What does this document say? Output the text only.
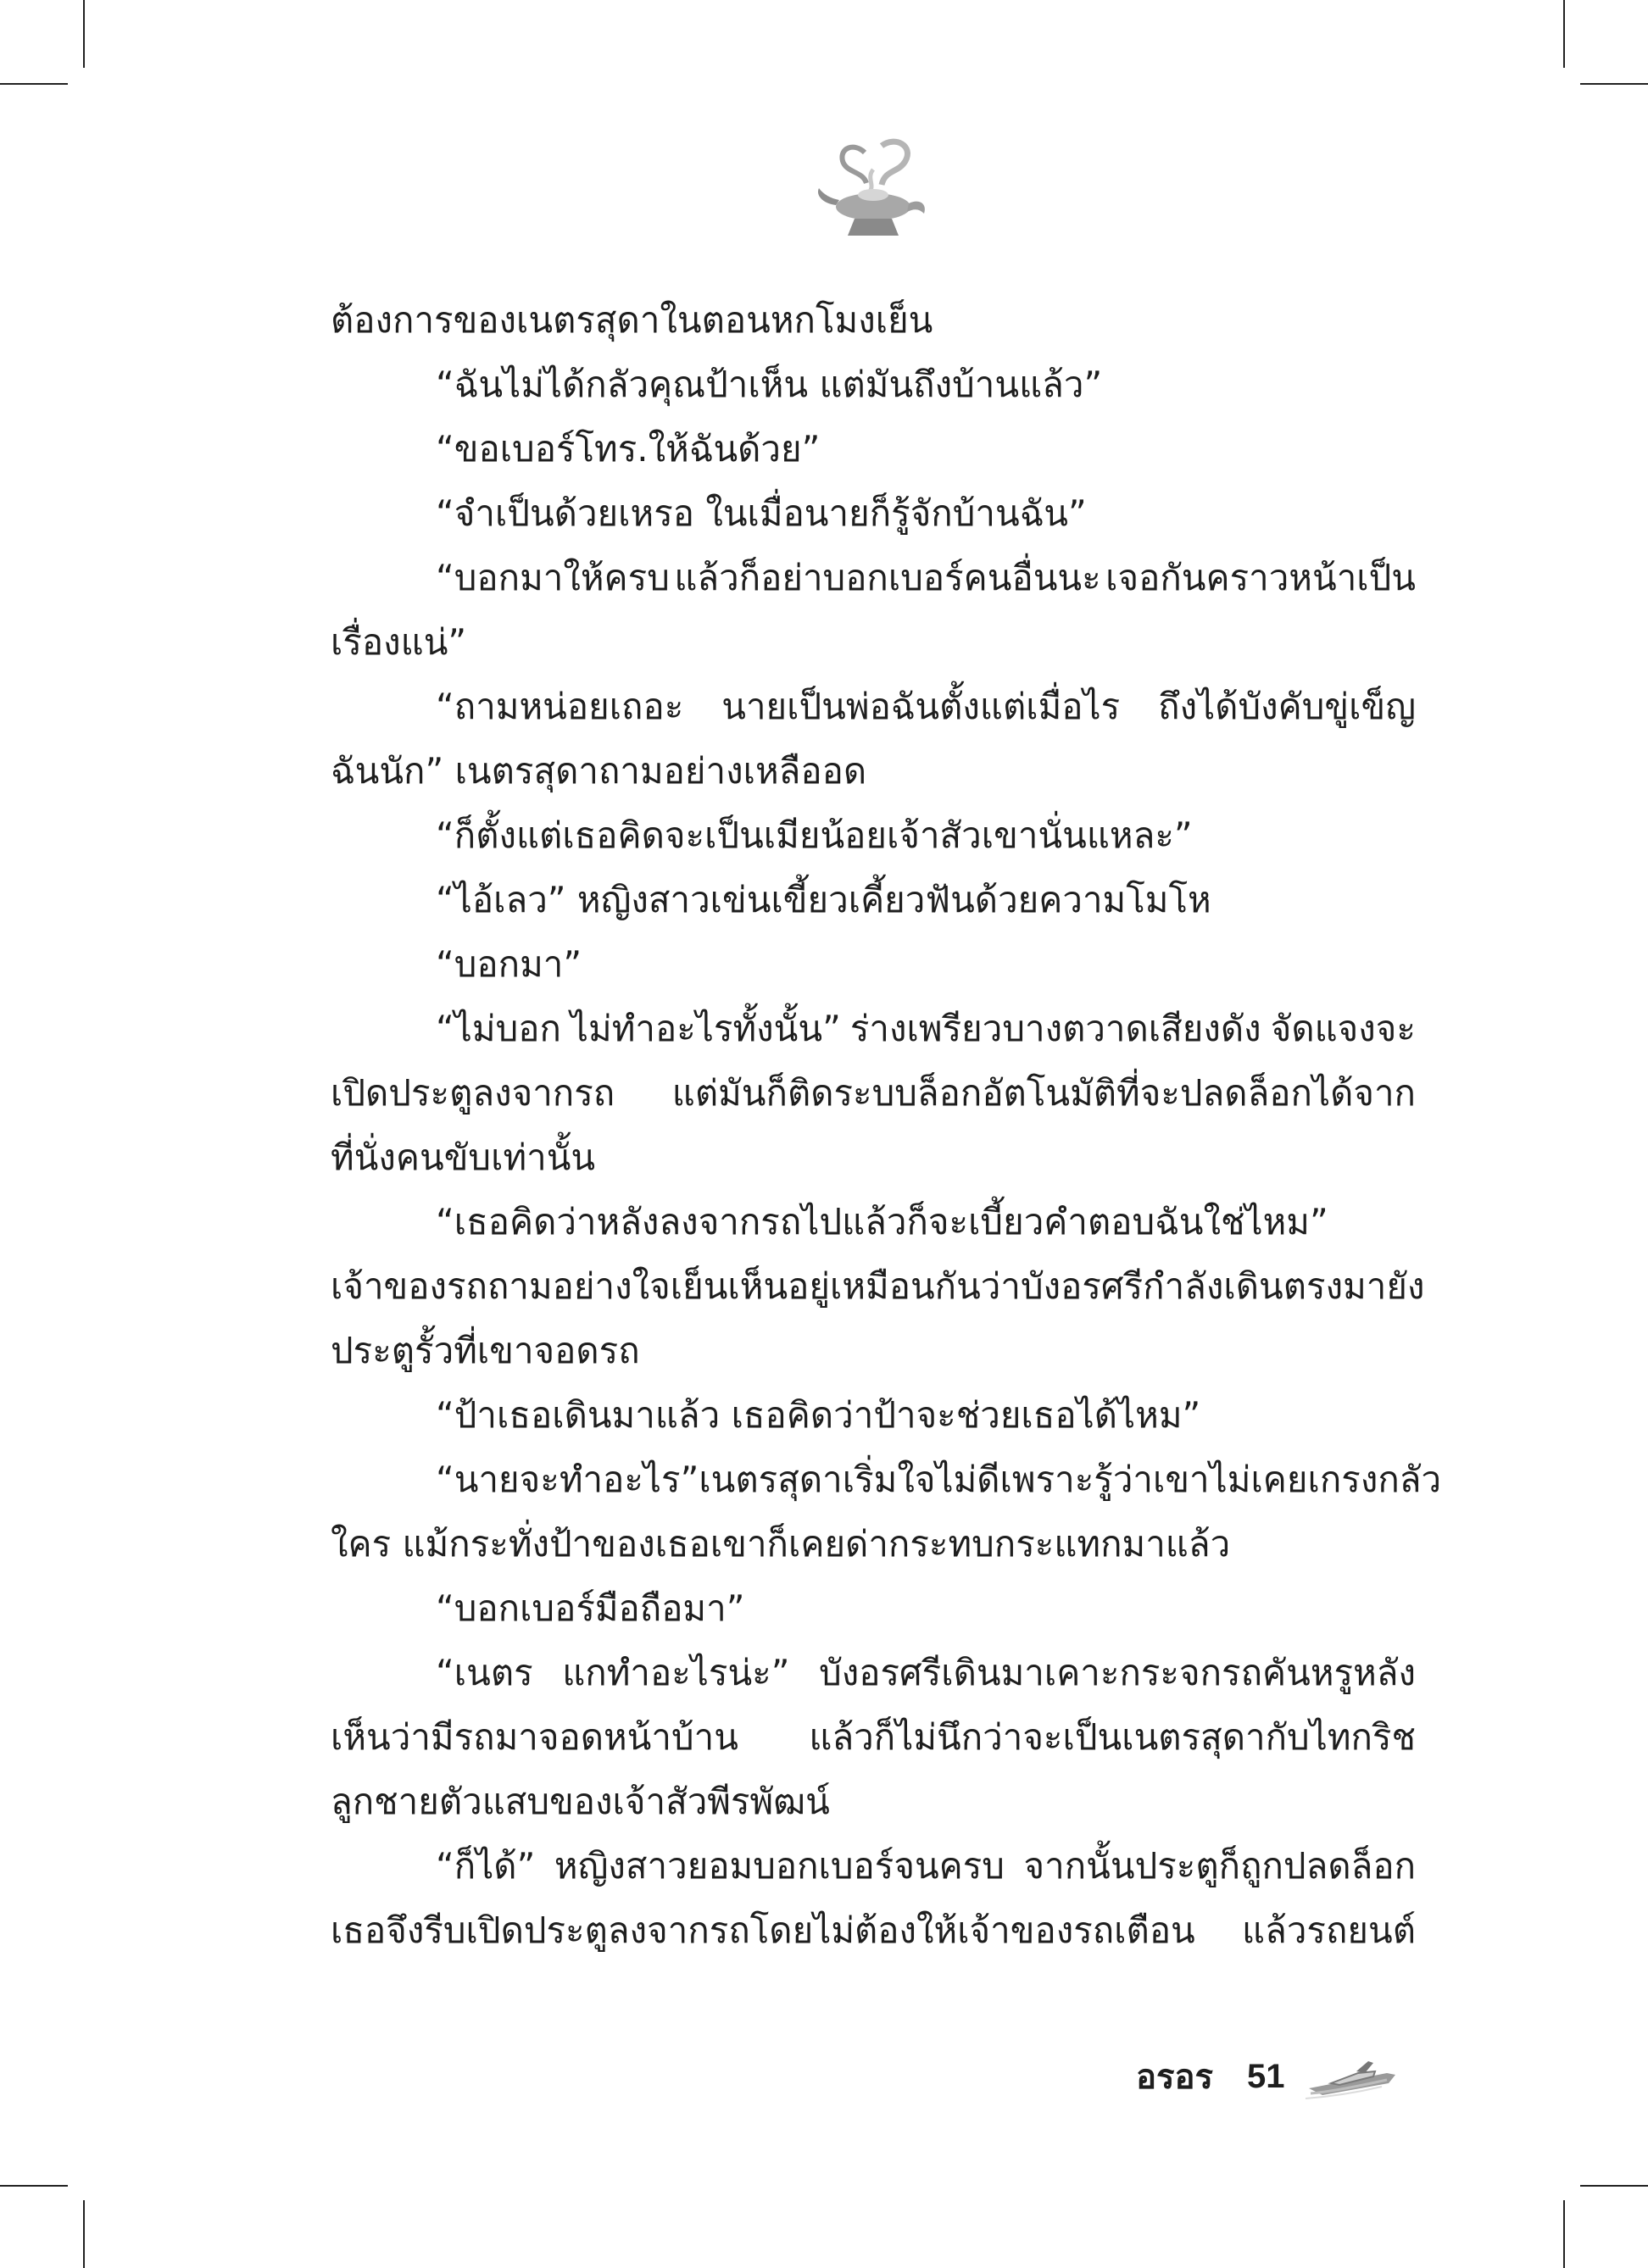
ต้องการของเนตรสุดาในตอนหกโมงเย็น
“ฉันไม่ได้กลัวคุณป้าเห็น แต่มันถึงบ้านแล้ว”
“ขอเบอร์โทร.ให้ฉันด้วย”
“จำเป็นด้วยเหรอ ในเมื่อนายก็รู้จักบ้านฉัน”
“บอกมาให้ครบ แล้วก็อย่าบอกเบอร์คนอื่นนะ เจอกันคราวหน้าเป็น
เรื่องแน่”
“ถามหน่อยเถอะ นายเป็นพ่อฉันตั้งแต่เมื่อไร ถึงได้บังคับขู่เข็ญ
ฉันนัก” เนตรสุดาถามอย่างเหลืออด
“ก็ตั้งแต่เธอคิดจะเป็นเมียน้อยเจ้าสัวเขานั่นแหละ”
“ไอ้เลว” หญิงสาวเข่นเขี้ยวเคี้ยวฟันด้วยความโมโห
“บอกมา”
“ไม่บอก ไม่ทำอะไรทั้งนั้น” ร่างเพรียวบางตวาดเสียงดัง จัดแจงจะ
เปิดประตูลงจากรถ แต่มันก็ติดระบบล็อกอัตโนมัติที่จะปลดล็อกได้จาก
ที่นั่งคนขับเท่านั้น
“เธอคิดว่าหลังลงจากรถไปแล้วก็จะเบี้ยวคำตอบฉันใช่ไหม”
เจ้าของรถถามอย่างใจเย็น เห็นอยู่เหมือนกันว่าบังอรศรีกำลังเดินตรงมายัง
ประตูรั้วที่เขาจอดรถ
“ป้าเธอเดินมาแล้ว เธอคิดว่าป้าจะช่วยเธอได้ไหม”
“นายจะทำอะไร” เนตรสุดาเริ่มใจไม่ดีเพราะรู้ว่าเขาไม่เคยเกรงกลัว
ใคร แม้กระทั่งป้าของเธอเขาก็เคยด่ากระทบกระแทกมาแล้ว
“บอกเบอร์มือถือมา”
“เนตร แกทำอะไรน่ะ” บังอรศรีเดินมาเคาะกระจกรถคันหรูหลัง
เห็นว่ามีรถมาจอดหน้าบ้าน แล้วก็ไม่นึกว่าจะเป็นเนตรสุดากับไทกริช
ลูกชายตัวแสบของเจ้าสัวพีรพัฒน์
“ก็ได้” หญิงสาวยอมบอกเบอร์จนครบ จากนั้นประตูก็ถูกปลดล็อก
เธอจึงรีบเปิดประตูลงจากรถโดยไม่ต้องให้เจ้าของรถเตือน แล้วรถยนต์
อรอร 51
